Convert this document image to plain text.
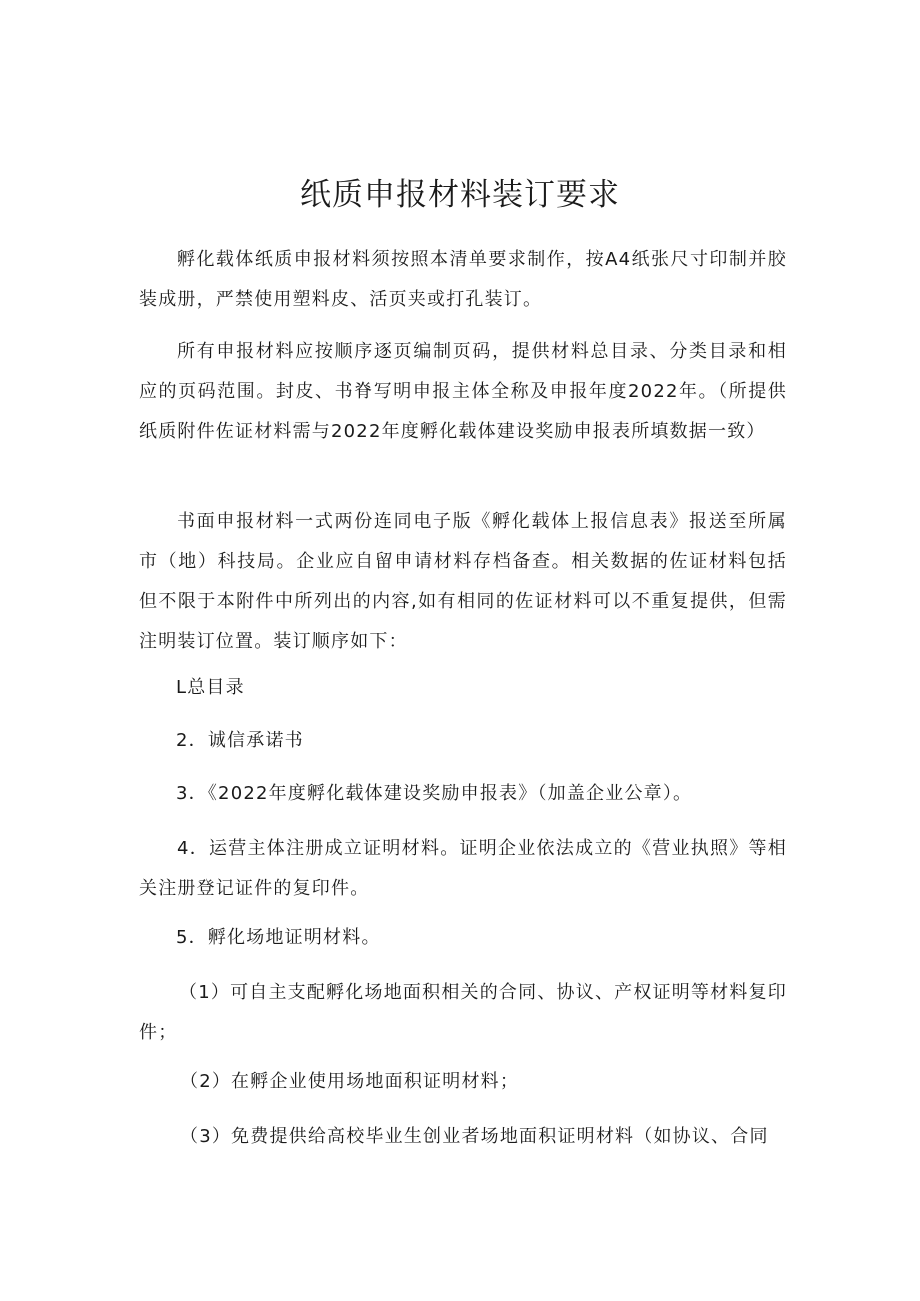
纸质申报材料装订要求

孵化载体纸质申报材料须按照本清单要求制作，按A4纸张尺寸印制并胶装成册，严禁使用塑料皮、活页夹或打孔装订。

所有申报材料应按顺序逐页编制页码，提供材料总目录、分类目录和相应的页码范围。封皮、书脊写明申报主体全称及申报年度2022年。（所提供纸质附件佐证材料需与2022年度孵化载体建设奖励申报表所填数据一致）

书面申报材料一式两份连同电子版《孵化载体上报信息表》报送至所属市（地）科技局。企业应自留申请材料存档备查。相关数据的佐证材料包括但不限于本附件中所列出的内容,如有相同的佐证材料可以不重复提供，但需注明装订位置。装订顺序如下：

L总目录

2．诚信承诺书

3．《2022年度孵化载体建设奖励申报表》（加盖企业公章）。

4．运营主体注册成立证明材料。证明企业依法成立的《营业执照》等相关注册登记证件的复印件。

5．孵化场地证明材料。

（1）可自主支配孵化场地面积相关的合同、协议、产权证明等材料复印件；

（2）在孵企业使用场地面积证明材料；

（3）免费提供给高校毕业生创业者场地面积证明材料（如协议、合同
